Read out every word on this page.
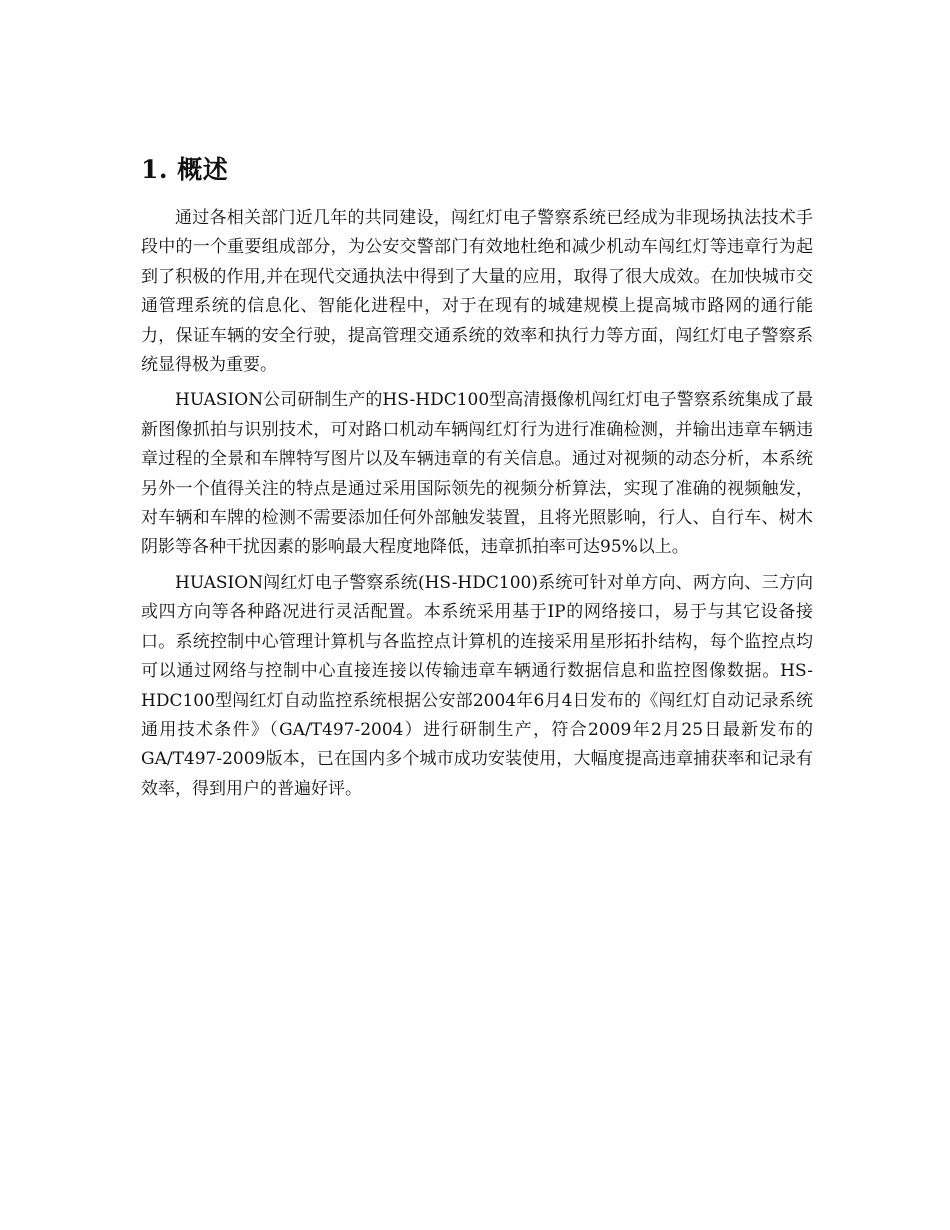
1. 概述

通过各相关部门近几年的共同建设，闯红灯电子警察系统已经成为非现场执法技术手段中的一个重要组成部分，为公安交警部门有效地杜绝和减少机动车闯红灯等违章行为起到了积极的作用,并在现代交通执法中得到了大量的应用，取得了很大成效。在加快城市交通管理系统的信息化、智能化进程中，对于在现有的城建规模上提高城市路网的通行能力，保证车辆的安全行驶，提高管理交通系统的效率和执行力等方面，闯红灯电子警察系统显得极为重要。

HUASION公司研制生产的HS-HDC100型高清摄像机闯红灯电子警察系统集成了最新图像抓拍与识别技术，可对路口机动车辆闯红灯行为进行准确检测，并输出违章车辆违章过程的全景和车牌特写图片以及车辆违章的有关信息。通过对视频的动态分析，本系统另外一个值得关注的特点是通过采用国际领先的视频分析算法，实现了准确的视频触发，对车辆和车牌的检测不需要添加任何外部触发装置，且将光照影响，行人、自行车、树木阴影等各种干扰因素的影响最大程度地降低，违章抓拍率可达95%以上。

HUASION闯红灯电子警察系统(HS-HDC100)系统可针对单方向、两方向、三方向或四方向等各种路况进行灵活配置。本系统采用基于IP的网络接口，易于与其它设备接口。系统控制中心管理计算机与各监控点计算机的连接采用星形拓扑结构，每个监控点均可以通过网络与控制中心直接连接以传输违章车辆通行数据信息和监控图像数据。HS-HDC100型闯红灯自动监控系统根据公安部2004年6月4日发布的《闯红灯自动记录系统通用技术条件》（GA/T497-2004）进行研制生产，符合2009年2月25日最新发布的GA/T497-2009版本，已在国内多个城市成功安装使用，大幅度提高违章捕获率和记录有效率，得到用户的普遍好评。
